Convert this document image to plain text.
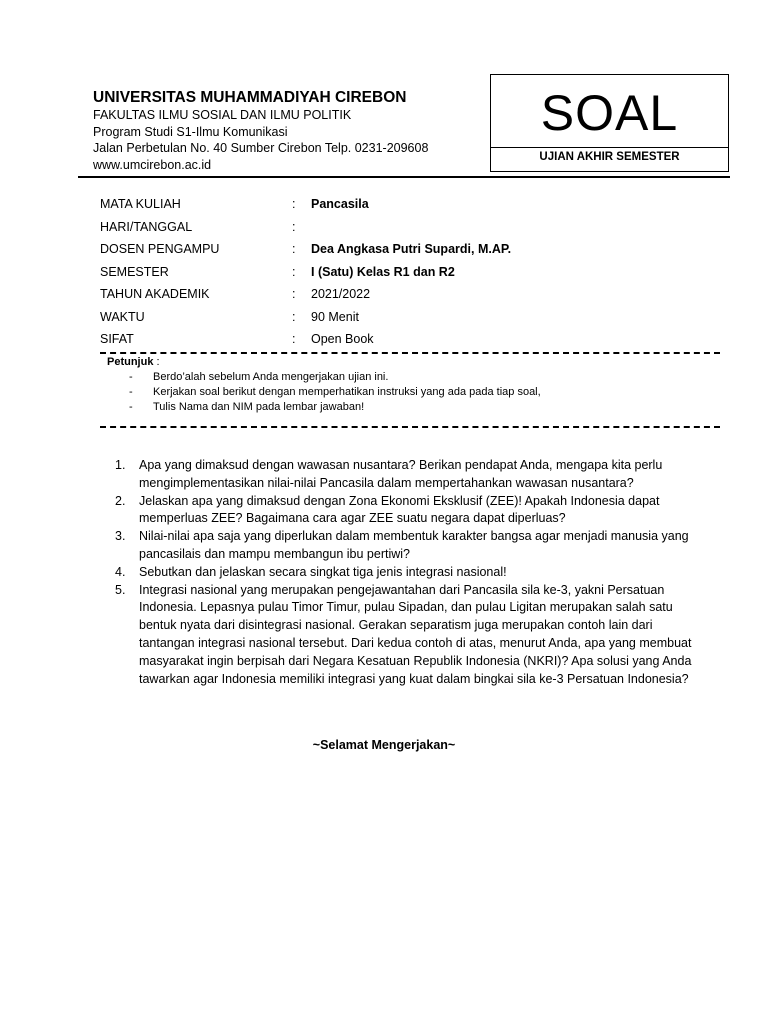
UNIVERSITAS MUHAMMADIYAH CIREBON
FAKULTAS ILMU SOSIAL DAN ILMU POLITIK
Program Studi S1-Ilmu Komunikasi
Jalan Perbetulan No. 40 Sumber Cirebon Telp. 0231-209608
www.umcirebon.ac.id
SOAL
UJIAN AKHIR SEMESTER
MATA KULIAH	: Pancasila
HARI/TANGGAL	:
DOSEN PENGAMPU	: Dea Angkasa Putri Supardi, M.AP.
SEMESTER	: I (Satu) Kelas R1 dan R2
TAHUN AKADEMIK	: 2021/2022
WAKTU	: 90 Menit
SIFAT	: Open Book
Petunjuk :
- Berdo’alah sebelum Anda mengerjakan ujian ini.
- Kerjakan soal berikut dengan memperhatikan instruksi yang ada pada tiap soal,
- Tulis Nama dan NIM pada lembar jawaban!
1. Apa yang dimaksud dengan wawasan nusantara? Berikan pendapat Anda, mengapa kita perlu mengimplementasikan nilai-nilai Pancasila dalam mempertahankan wawasan nusantara?
2. Jelaskan apa yang dimaksud dengan Zona Ekonomi Eksklusif (ZEE)! Apakah Indonesia dapat memperluas ZEE? Bagaimana cara agar ZEE suatu negara dapat diperluas?
3. Nilai-nilai apa saja yang diperlukan dalam membentuk karakter bangsa agar menjadi manusia yang pancasilais dan mampu membangun ibu pertiwi?
4. Sebutkan dan jelaskan secara singkat tiga jenis integrasi nasional!
5. Integrasi nasional yang merupakan pengejawantahan dari Pancasila sila ke-3, yakni Persatuan Indonesia. Lepasnya pulau Timor Timur, pulau Sipadan, dan pulau Ligitan merupakan salah satu bentuk nyata dari disintegrasi nasional. Gerakan separatism juga merupakan contoh lain dari tantangan integrasi nasional tersebut. Dari kedua contoh di atas, menurut Anda, apa yang membuat masyarakat ingin berpisah dari Negara Kesatuan Republik Indonesia (NKRI)? Apa solusi yang Anda tawarkan agar Indonesia memiliki integrasi yang kuat dalam bingkai sila ke-3 Persatuan Indonesia?
~Selamat Mengerjakan~
